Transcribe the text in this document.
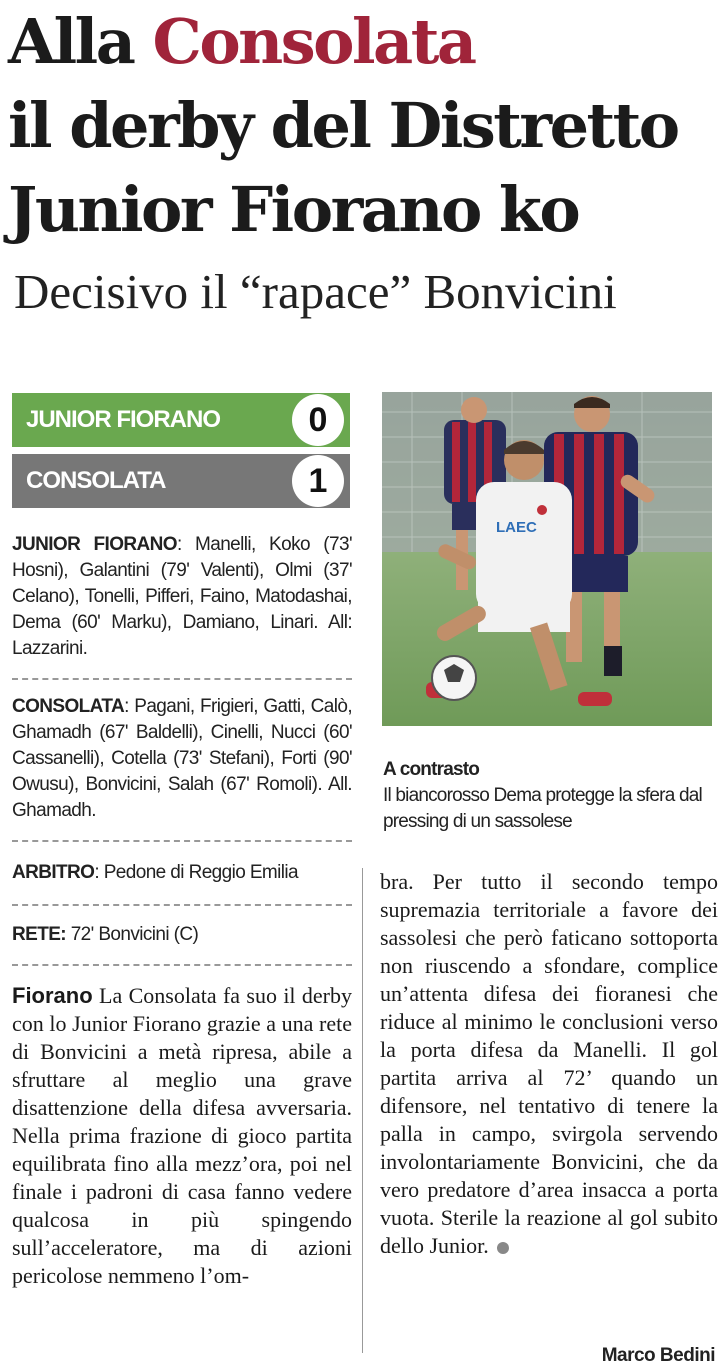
Alla Consolata
il derby del Distretto
Junior Fiorano ko
Decisivo il “rapace” Bonvicini
JUNIOR FIORANO	0
CONSOLATA	1
JUNIOR FIORANO: Manelli, Koko (73' Hosni), Galantini (79' Valenti), Olmi (37' Celano), Tonelli, Pifferi, Faino, Matodashai, Dema (60' Marku), Damiano, Linari. All: Lazzarini.
CONSOLATA: Pagani, Frigieri, Gatti, Calò, Ghamadh (67' Baldelli), Cinelli, Nucci (60' Cassanelli), Cotella (73' Stefani), Forti (90' Owusu), Bonvicini, Salah (67' Romoli). All. Ghamadh.
ARBITRO: Pedone di Reggio Emilia
RETE: 72' Bonvicini (C)
LAEC
A contrasto
Il biancorosso Dema protegge la sfera dal pressing di un sassolese
Fiorano La Consolata fa suo il derby con lo Junior Fiorano grazie a una rete di Bonvicini a metà ripresa, abile a sfruttare al meglio una grave disattenzione della difesa avversaria. Nella prima frazione di gioco partita equilibrata fino alla mezz’ora, poi nel finale i padroni di casa fanno vedere qualcosa in più spingendo sull’acceleratore, ma di azioni pericolose nemmeno l’om-
bra. Per tutto il secondo tempo supremazia territoriale a favore dei sassolesi che però faticano sottoporta non riuscendo a sfondare, complice un’attenta difesa dei fioranesi che riduce al minimo le conclusioni verso la porta difesa da Manelli. Il gol partita arriva al 72’ quando un difensore, nel tentativo di tenere la palla in campo, svirgola servendo involontariamente Bonvicini, che da vero predatore d’area insacca a porta vuota. Sterile la reazione al gol subito dello Junior.
Marco Bedini
